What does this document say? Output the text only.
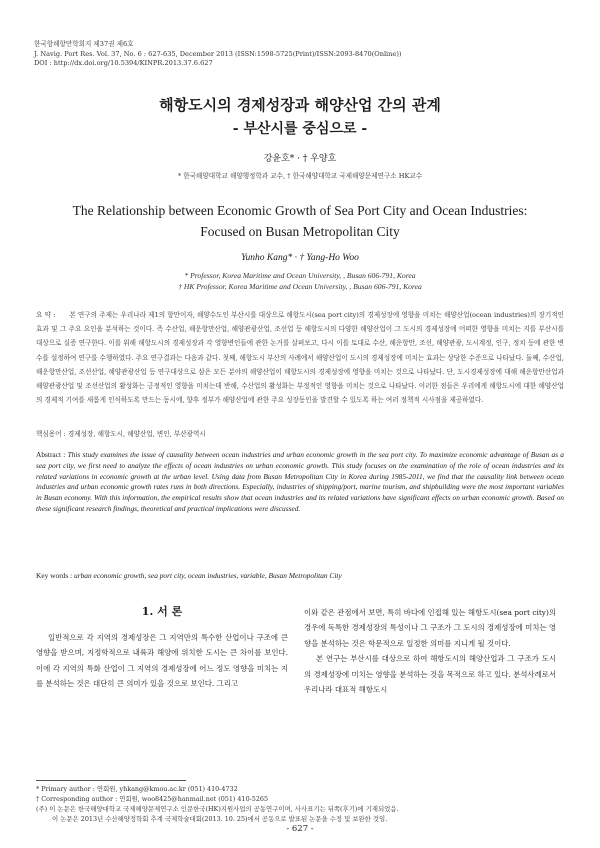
한국항해항만학회지 제37권 제6호
J. Navig. Port Res. Vol. 37, No. 6 : 627-635, December 2013 (ISSN:1598-5725(Print)/ISSN:2093-8470(Online))
DOI : http://dx.doi.org/10.5394/KINPR.2013.37.6.627
해항도시의 경제성장과 해양산업 간의 관계
- 부산시를 중심으로 -
강윤호* · † 우양호
* 한국해양대학교 해양행정학과 교수, † 한국해양대학교 국제해양문제연구소 HK교수
The Relationship between Economic Growth of Sea Port City and Ocean Industries:
Focused on Busan Metropolitan City
Yunho Kang* · † Yang-Ho Woo
* Professor, Korea Maritime and Ocean University, , Busan 606-791, Korea
† HK Professor, Korea Maritime and Ocean University, , Busan 606-791, Korea
요 약 : 본 연구의 주제는 우리나라 제1의 항만이자, 해양수도인 부산시를 대상으로 해항도시(sea port city)의 경제성장에 영향을 미치는 해양산업(ocean industries)의 장기적인 효과 및 그 주요 요인을 분석하는 것이다. 즉 수산업, 해운항만산업, 해양관광산업, 조선업 등 해항도시의 다양한 해양산업이 그 도시의 경제성장에 어떠한 영향을 미치는 지를 부산시를 대상으로 실증 연구한다. 이를 위해 해항도시의 경제성장과 각 영향변인들에 관한 논거를 살펴보고, 다시 이를 토대로 수산, 해운항만, 조선, 해양관광, 도시계정, 인구, 정치 등에 관한 변수를 설정하여 연구를 수행하였다. 주요 연구결과는 다음과 같다. 첫째, 해항도시 부산의 사례에서 해양산업이 도시의 경제성장에 미치는 효과는 상당한 수준으로 나타났다. 둘째, 수산업, 해운항만산업, 조선산업, 해양관광산업 등 연구대상으로 삼은 모든 분야의 해양산업이 해항도시의 경제성장에 영향을 미치는 것으로 나타났다. 단, 도시경제성장에 대해 해운항만산업과 해양관광산업 및 조선산업의 활성화는 긍정적인 영향을 미치는데 반해, 수산업의 활성화는 부정적인 영향을 미치는 것으로 나타났다. 이러한 점들은 우리에게 해항도시에 대한 해양산업의 경제적 기여를 새롭게 인식하도록 만드는 동시에, 향후 정부가 해양산업에 관한 주요 성장동인을 발견할 수 있도록 하는 여러 정책적 시사점을 제공하였다.
핵심용어 : 경제성장, 해항도시, 해양산업, 변인, 부산광역시
Abstract : This study examines the issue of causality between ocean industries and urban economic growth in the sea port city. To maximize economic advantage of Busan as a sea port city, we first need to analyze the effects of ocean industries on urban economic growth. This study focuses on the examination of the role of ocean industries and its related variations in economic growth at the urban level. Using data from Busan Metropolitan City in Korea during 1985-2011, we find that the causality link between ocean industries and urban economic growth rates runs in both directions. Especially, industries of shipping/port, marine tourism, and shipbuilding were the most important variables in Busan economy. With this information, the empirical results show that ocean industries and its related variations have significant effects on urban economic growth. Based on these significant research findings, theoretical and practical implications were discussed.
Key words : urban economic growth, sea port city, ocean industries, variable, Busan Metropolitan City
1. 서 론
일반적으로 각 지역의 경제성장은 그 지역만의 특수한 산업이나 구조에 큰 영향을 받으며, 지정학적으로 내륙과 해양에 위치한 도시는 큰 차이를 보인다. 이에 각 지역의 특화 산업이 그 지역의 경제성장에 어느 정도 영향을 미치는 지를 분석하는 것은 대단히 큰 의미가 있을 것으로 보인다. 그리고
이와 같은 관점에서 보면, 특히 바다에 인접해 있는 해항도시(sea port city)의 경우에 독특한 경제성장의 특성이나 그 구조가 그 도시의 경제성장에 미치는 영향을 분석하는 것은 학문적으로 일정한 의미를 지니게 될 것이다.
본 연구는 부산시를 대상으로 하여 해항도시의 해양산업과 그 구조가 도시의 경제성장에 미치는 영향을 분석하는 것을 목적으로 하고 있다. 분석사례로서 우리나라 대표적 해항도시
* Primary author : 연회원, yhkang@kmou.ac.kr (051) 410-4732
† Corresponding author : 연회원, woo8425@hanmail.net (051) 410-5265
(주) 이 논문은 한국해양대학교 국제해양문제연구소 인문한국(HK)지원사업의 공동연구이며, 사사표기는 뒤쪽(후기)에 기재되었음.
이 논문은 2013년 수산해양정학회 추계 국제학술대회(2013. 10. 25)에서 공동으로 발표된 논문을 수정 및 보완한 것임.
- 627 -
